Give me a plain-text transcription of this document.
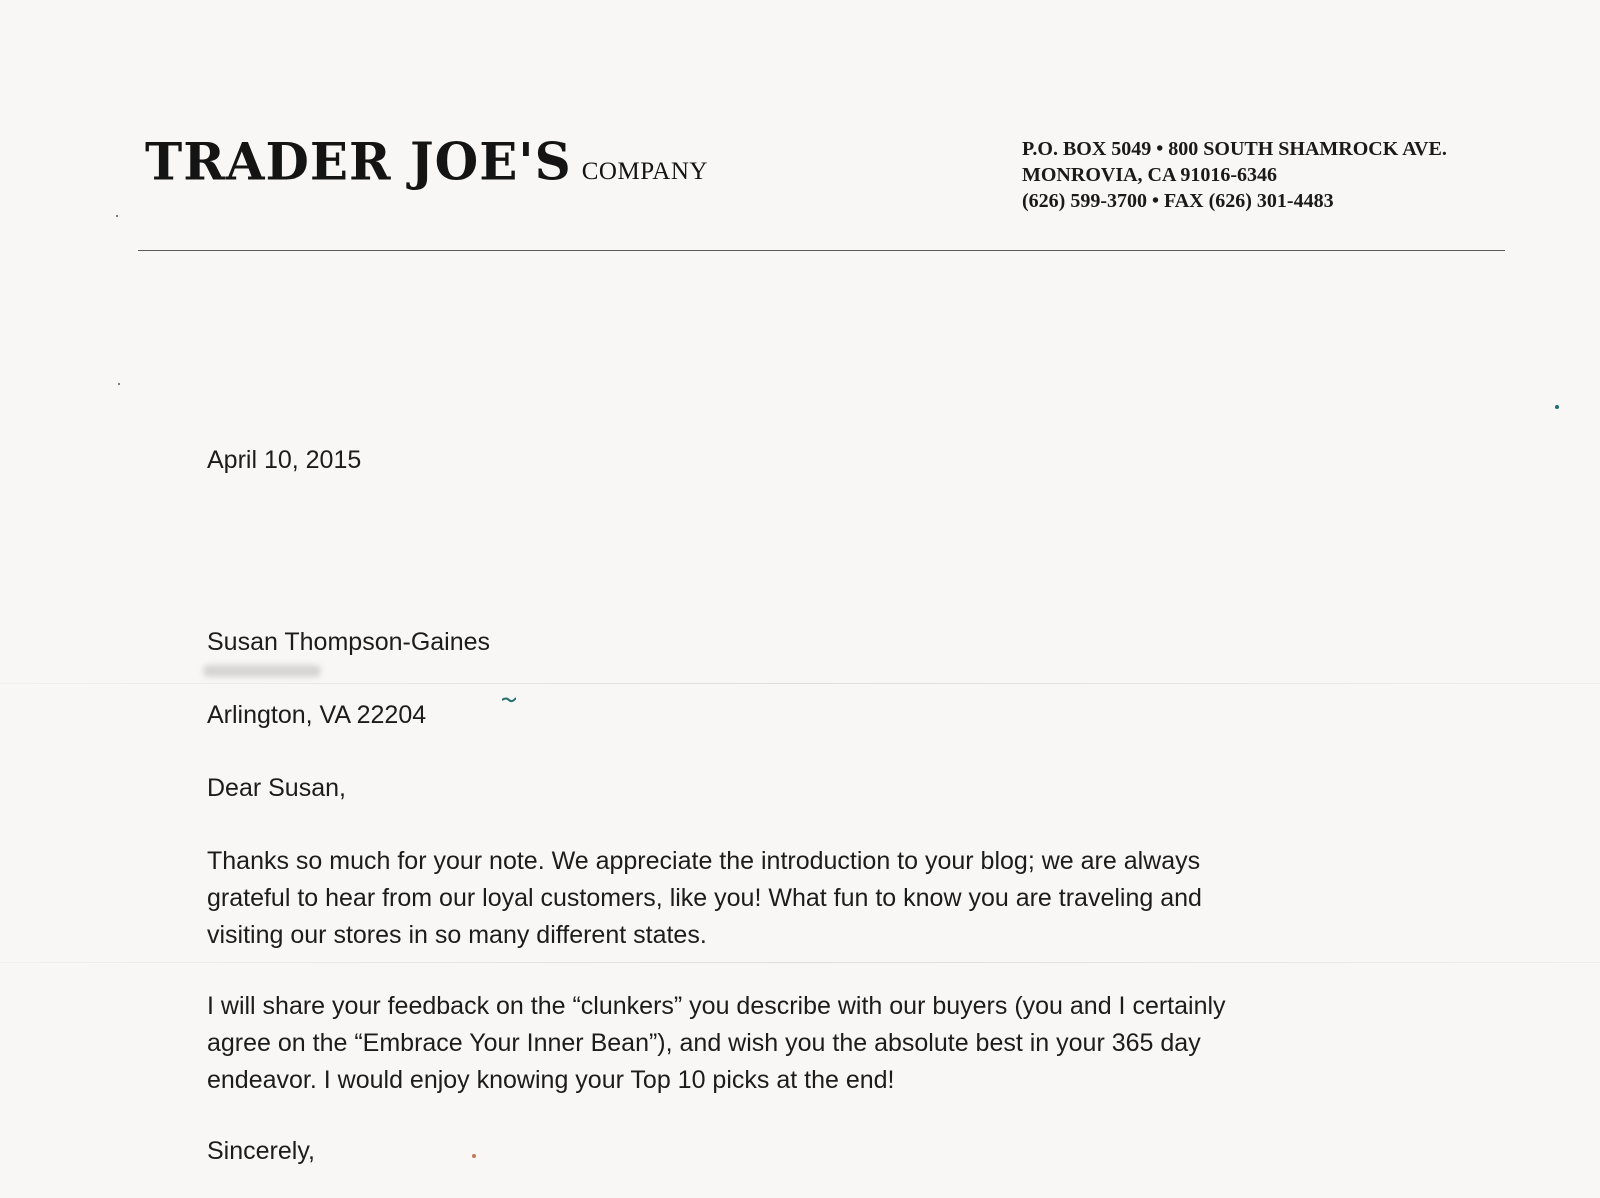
TRADER JOE'S COMPANY
P.O. BOX 5049 • 800 SOUTH SHAMROCK AVE.
MONROVIA, CA 91016-6346
(626) 599-3700 • FAX (626) 301-4483
April 10, 2015
Susan Thompson-Gaines
Arlington, VA 22204
Dear Susan,
Thanks so much for your note. We appreciate the introduction to your blog; we are always
grateful to hear from our loyal customers, like you! What fun to know you are traveling and
visiting our stores in so many different states.
I will share your feedback on the “clunkers” you describe with our buyers (you and I certainly
agree on the “Embrace Your Inner Bean”), and wish you the absolute best in your 365 day
endeavor. I would enjoy knowing your Top 10 picks at the end!
Sincerely,
